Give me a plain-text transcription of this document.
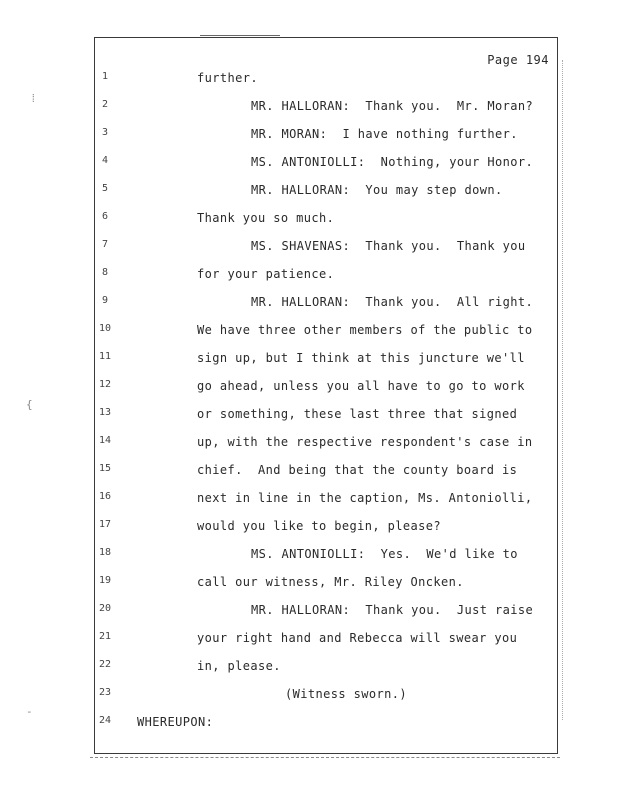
⁞
{
-
Page 194
1	further.
2	MR. HALLORAN:  Thank you.  Mr. Moran?
3	MR. MORAN:  I have nothing further.
4	MS. ANTONIOLLI:  Nothing, your Honor.
5	MR. HALLORAN:  You may step down.
6	Thank you so much.
7	MS. SHAVENAS:  Thank you.  Thank you
8	for your patience.
9	MR. HALLORAN:  Thank you.  All right.
10	We have three other members of the public to
11	sign up, but I think at this juncture we'll
12	go ahead, unless you all have to go to work
13	or something, these last three that signed
14	up, with the respective respondent's case in
15	chief.  And being that the county board is
16	next in line in the caption, Ms. Antoniolli,
17	would you like to begin, please?
18	MS. ANTONIOLLI:  Yes.  We'd like to
19	call our witness, Mr. Riley Oncken.
20	MR. HALLORAN:  Thank you.  Just raise
21	your right hand and Rebecca will swear you
22	in, please.
23	(Witness sworn.)
24	WHEREUPON:
